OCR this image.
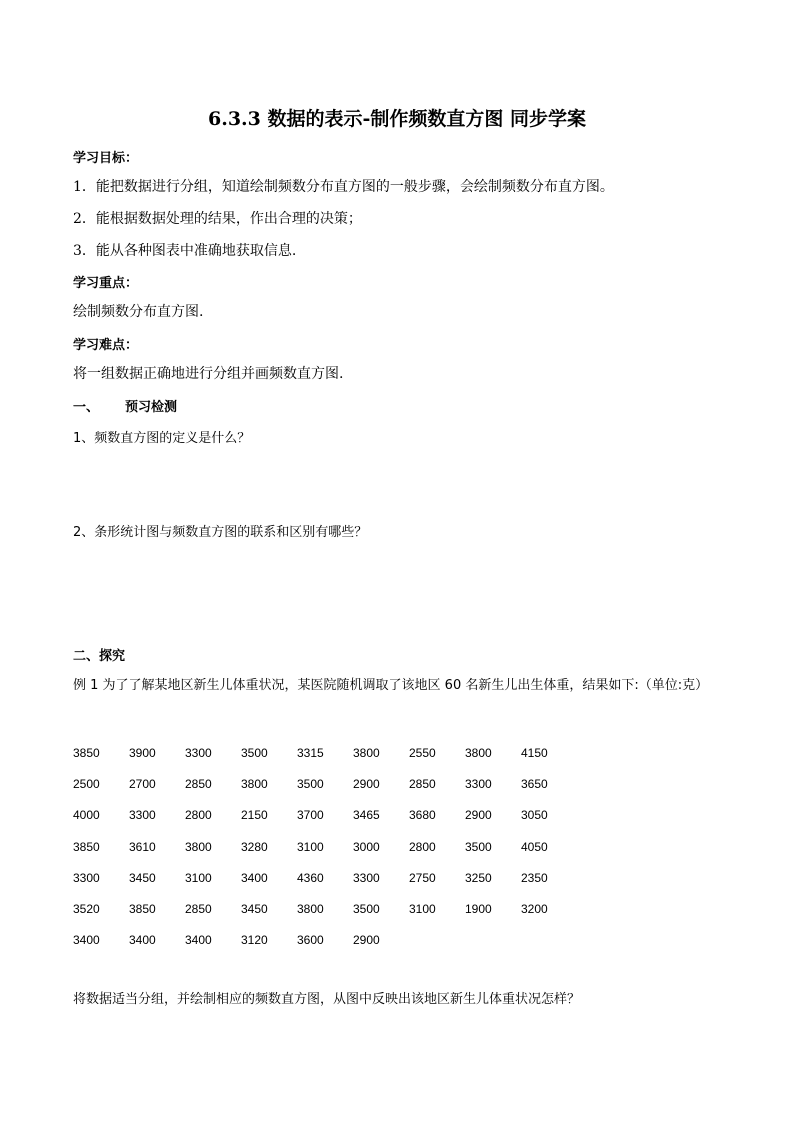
6.3.3 数据的表示-制作频数直方图 同步学案
学习目标：
1．能把数据进行分组，知道绘制频数分布直方图的一般步骤，会绘制频数分布直方图。
2．能根据数据处理的结果，作出合理的决策；
3．能从各种图表中准确地获取信息.
学习重点：
绘制频数分布直方图.
学习难点：
将一组数据正确地进行分组并画频数直方图.
一、 预习检测
1、频数直方图的定义是什么？
2、条形统计图与频数直方图的联系和区别有哪些？
二、探究
例 1 为了了解某地区新生儿体重状况，某医院随机调取了该地区 60 名新生儿出生体重，结果如下:（单位:克）
3850	3900	3300	3500	3315	3800	2550	3800	4150
2500	2700	2850	3800	3500	2900	2850	3300	3650
4000	3300	2800	2150	3700	3465	3680	2900	3050
3850	3610	3800	3280	3100	3000	2800	3500	4050
3300	3450	3100	3400	4360	3300	2750	3250	2350
3520	3850	2850	3450	3800	3500	3100	1900	3200
3400	3400	3400	3120	3600	2900			
将数据适当分组，并绘制相应的频数直方图，从图中反映出该地区新生儿体重状况怎样？
